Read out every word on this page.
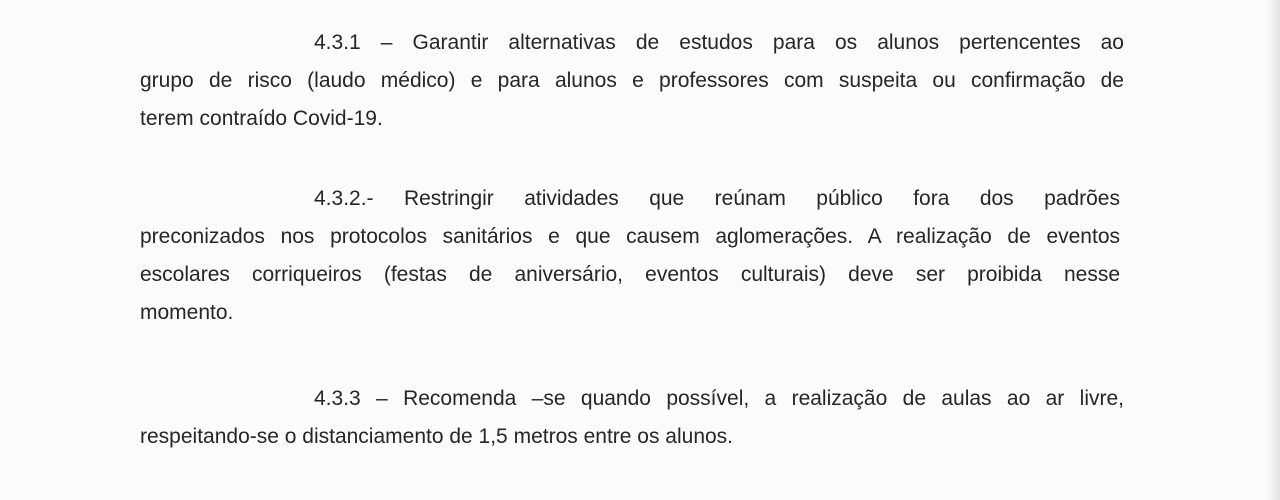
4.3.1 – Garantir alternativas de estudos para os alunos pertencentes ao
grupo de risco (laudo médico) e para alunos e professores com suspeita ou confirmação de
terem contraído Covid-19.
4.3.2.- Restringir atividades que reúnam público fora dos padrões
preconizados nos protocolos sanitários e que causem aglomerações. A realização de eventos
escolares corriqueiros (festas de aniversário, eventos culturais) deve ser proibida nesse
momento.
4.3.3 – Recomenda –se quando possível, a realização de aulas ao ar livre,
respeitando-se o distanciamento de 1,5 metros entre os alunos.
